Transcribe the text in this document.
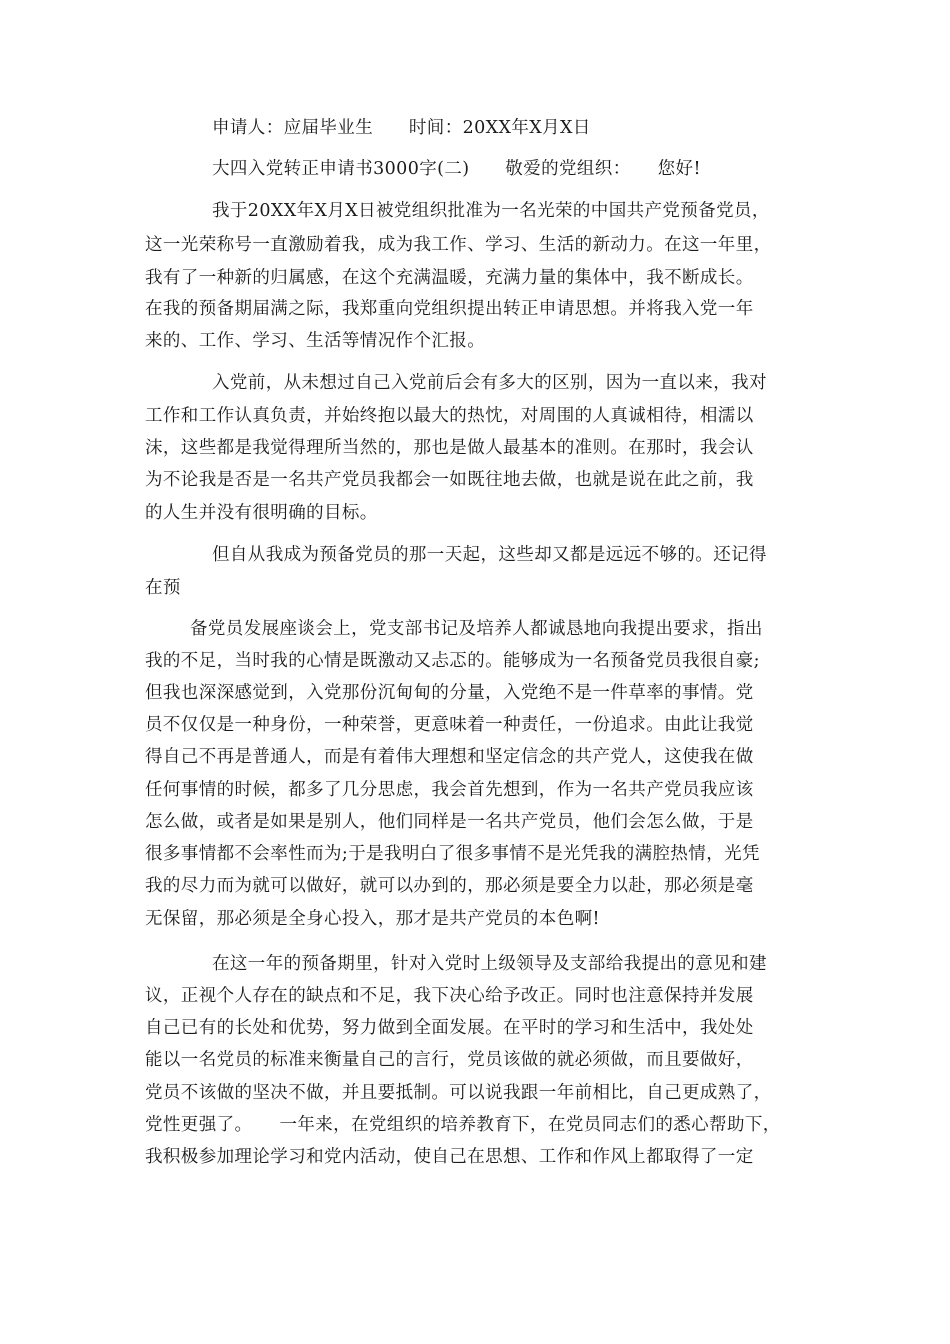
申请人：应届毕业生　　时间：20XX年X月X日
大四入党转正申请书3000字(二)　　敬爱的党组织：　　您好!
我于20XX年X月X日被党组织批准为一名光荣的中国共产党预备党员，
这一光荣称号一直激励着我，成为我工作、学习、生活的新动力。在这一年里，
我有了一种新的归属感，在这个充满温暖，充满力量的集体中，我不断成长。
在我的预备期届满之际，我郑重向党组织提出转正申请思想。并将我入党一年
来的、工作、学习、生活等情况作个汇报。
入党前，从未想过自己入党前后会有多大的区别，因为一直以来，我对
工作和工作认真负责，并始终抱以最大的热忱，对周围的人真诚相待，相濡以
沫，这些都是我觉得理所当然的，那也是做人最基本的准则。在那时，我会认
为不论我是否是一名共产党员我都会一如既往地去做，也就是说在此之前，我
的人生并没有很明确的目标。
但自从我成为预备党员的那一天起，这些却又都是远远不够的。还记得
在预
备党员发展座谈会上，党支部书记及培养人都诚恳地向我提出要求，指出
我的不足，当时我的心情是既激动又忐忑的。能够成为一名预备党员我很自豪;
但我也深深感觉到，入党那份沉甸甸的分量，入党绝不是一件草率的事情。党
员不仅仅是一种身份，一种荣誉，更意味着一种责任，一份追求。由此让我觉
得自己不再是普通人，而是有着伟大理想和坚定信念的共产党人，这使我在做
任何事情的时候，都多了几分思虑，我会首先想到，作为一名共产党员我应该
怎么做，或者是如果是别人，他们同样是一名共产党员，他们会怎么做，于是
很多事情都不会率性而为;于是我明白了很多事情不是光凭我的满腔热情，光凭
我的尽力而为就可以做好，就可以办到的，那必须是要全力以赴，那必须是毫
无保留，那必须是全身心投入，那才是共产党员的本色啊!
在这一年的预备期里，针对入党时上级领导及支部给我提出的意见和建
议，正视个人存在的缺点和不足，我下决心给予改正。同时也注意保持并发展
自己已有的长处和优势，努力做到全面发展。在平时的学习和生活中，我处处
能以一名党员的标准来衡量自己的言行，党员该做的就必须做，而且要做好，
党员不该做的坚决不做，并且要抵制。可以说我跟一年前相比，自己更成熟了，
党性更强了。　　一年来，在党组织的培养教育下，在党员同志们的悉心帮助下，
我积极参加理论学习和党内活动，使自己在思想、工作和作风上都取得了一定
